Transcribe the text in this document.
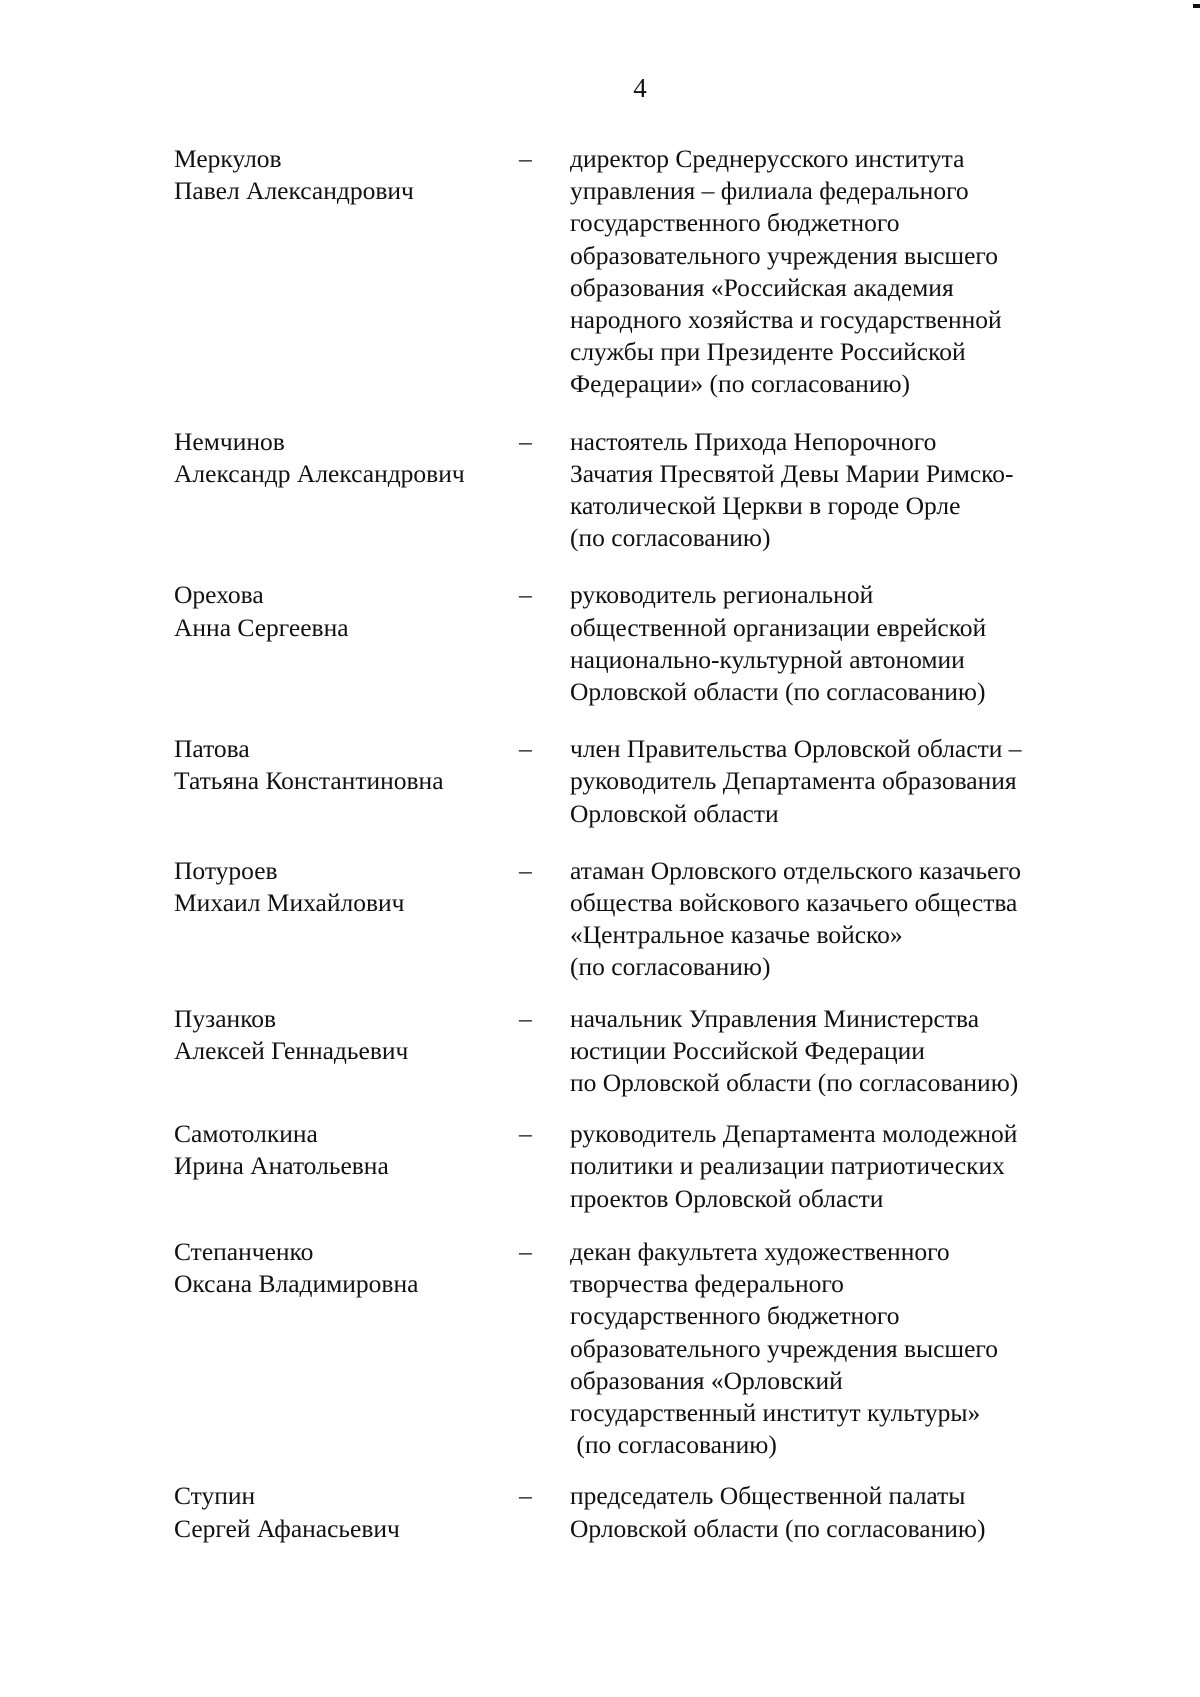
4
Меркулов
Павел Александрович
–	директор Среднерусского института
управления – филиала федерального
государственного бюджетного
образовательного учреждения высшего
образования «Российская академия
народного хозяйства и государственной
службы при Президенте Российской
Федерации» (по согласованию)
Немчинов
Александр Александрович
–	настоятель Прихода Непорочного
Зачатия Пресвятой Девы Марии Римско-
католической Церкви в городе Орле
(по согласованию)
Орехова
Анна Сергеевна
–	руководитель региональной
общественной организации еврейской
национально-культурной автономии
Орловской области (по согласованию)
Патова
Татьяна Константиновна
–	член Правительства Орловской области –
руководитель Департамента образования
Орловской области
Потуроев
Михаил Михайлович
–	атаман Орловского отдельского казачьего
общества войскового казачьего общества
«Центральное казачье войско»
(по согласованию)
Пузанков
Алексей Геннадьевич
–	начальник Управления Министерства
юстиции Российской Федерации
по Орловской области (по согласованию)
Самотолкина
Ирина Анатольевна
–	руководитель Департамента молодежной
политики и реализации патриотических
проектов Орловской области
Степанченко
Оксана Владимировна
–	декан факультета художественного
творчества федерального
государственного бюджетного
образовательного учреждения высшего
образования «Орловский
государственный институт культуры»
(по согласованию)
Ступин
Сергей Афанасьевич
–	председатель Общественной палаты
Орловской области (по согласованию)
